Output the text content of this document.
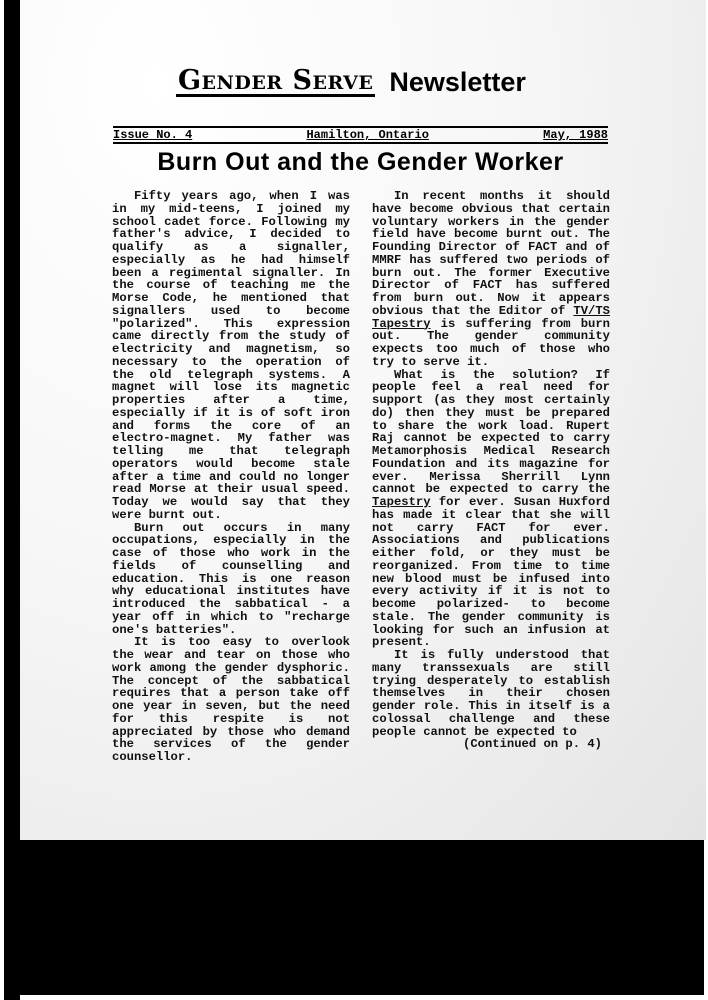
Gender Serve Newsletter
Issue No. 4	Hamilton, Ontario	May, 1988
Burn Out and the Gender Worker

Fifty years ago, when I was in my mid-teens, I joined my school cadet force. Following my father's advice, I decided to qualify as a signaller, especially as he had himself been a regimental signaller. In the course of teaching me the Morse Code, he mentioned that signallers used to become "polarized". This expression came directly from the study of electricity and magnetism, so necessary to the operation of the old telegraph systems. A magnet will lose its magnetic properties after a time, especially if it is of soft iron and forms the core of an electro-magnet. My father was telling me that telegraph operators would become stale after a time and could no longer read Morse at their usual speed. Today we would say that they were burnt out.

Burn out occurs in many occupations, especially in the case of those who work in the fields of counselling and education. This is one reason why educational institutes have introduced the sabbatical - a year off in which to "recharge one's batteries".

It is too easy to overlook the wear and tear on those who work among the gender dysphoric. The concept of the sabbatical requires that a person take off one year in seven, but the need for this respite is not appreciated by those who demand the services of the gender counsellor.

In recent months it should have become obvious that certain voluntary workers in the gender field have become burnt out. The Founding Director of FACT and of MMRF has suffered two periods of burn out. The former Executive Director of FACT has suffered from burn out. Now it appears obvious that the Editor of TV/TS Tapestry is suffering from burn out. The gender community expects too much of those who try to serve it.

What is the solution? If people feel a real need for support (as they most certainly do) then they must be prepared to share the work load. Rupert Raj cannot be expected to carry Metamorphosis Medical Research Foundation and its magazine for ever. Merissa Sherrill Lynn cannot be expected to carry the Tapestry for ever. Susan Huxford has made it clear that she will not carry FACT for ever. Associations and publications either fold, or they must be reorganized. From time to time new blood must be infused into every activity if it is not to become polarized- to become stale. The gender community is looking for such an infusion at present.

It is fully understood that many transsexuals are still trying desperately to establish themselves in their chosen gender role. This in itself is a colossal challenge and these people cannot be expected to

(Continued on p. 4)
